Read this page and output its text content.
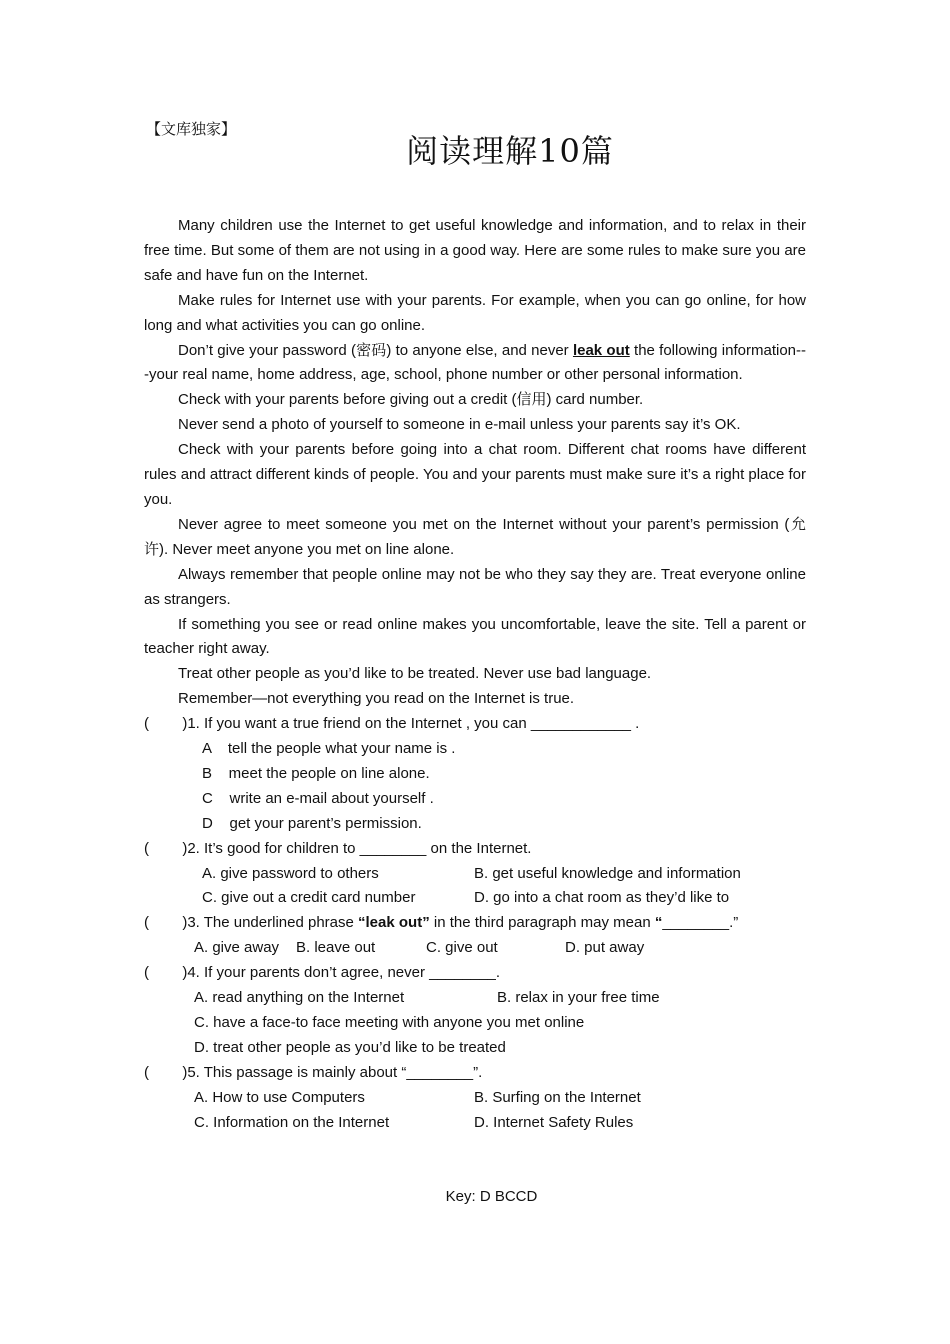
【文库独家】
阅读理解10篇

Many children use the Internet to get useful knowledge and information, and to relax in their free time. But some of them are not using in a good way. Here are some rules to make sure you are safe and have fun on the Internet.

Make rules for Internet use with your parents. For example, when you can go online, for how long and what activities you can go online.

Don’t give your password (密码) to anyone else, and never leak out the following information---your real name, home address, age, school, phone number or other personal information.

Check with your parents before giving out a credit (信用) card number.

Never send a photo of yourself to someone in e-mail unless your parents say it’s OK.

Check with your parents before going into a chat room. Different chat rooms have different rules and attract different kinds of people. You and your parents must make sure it’s a right place for you.

Never agree to meet someone you met on the Internet without your parent’s permission (允许). Never meet anyone you met on line alone.

Always remember that people online may not be who they say they are. Treat everyone online as strangers.

If something you see or read online makes you uncomfortable, leave the site. Tell a parent or teacher right away.

Treat other people as you’d like to be treated. Never use bad language.

Remember—not everything you read on the Internet is true.

(        )1. If you want a true friend on the Internet , you can ____________ .

A    tell the people what your name is .

B    meet the people on line alone.

C    write an e-mail about yourself .

D    get your parent’s permission.

(        )2. It’s good for children to ________ on the Internet.

A. give password to others	B. get useful knowledge and information
C. give out a credit card number	D. go into a chat room as they’d like to

(        )3. The underlined phrase “leak out” in the third paragraph may mean “________.”

A. give away	B. leave out	C. give out	D. put away

(        )4. If your parents don’t agree, never ________.

A. read anything on the Internet	B. relax in your free time

C. have a face-to face meeting with anyone you met online

D. treat other people as you’d like to be treated

(        )5. This passage is mainly about “________”.

A. How to use Computers	B. Surfing on the Internet
C. Information on the Internet	D. Internet Safety Rules
Key: D BCCD
